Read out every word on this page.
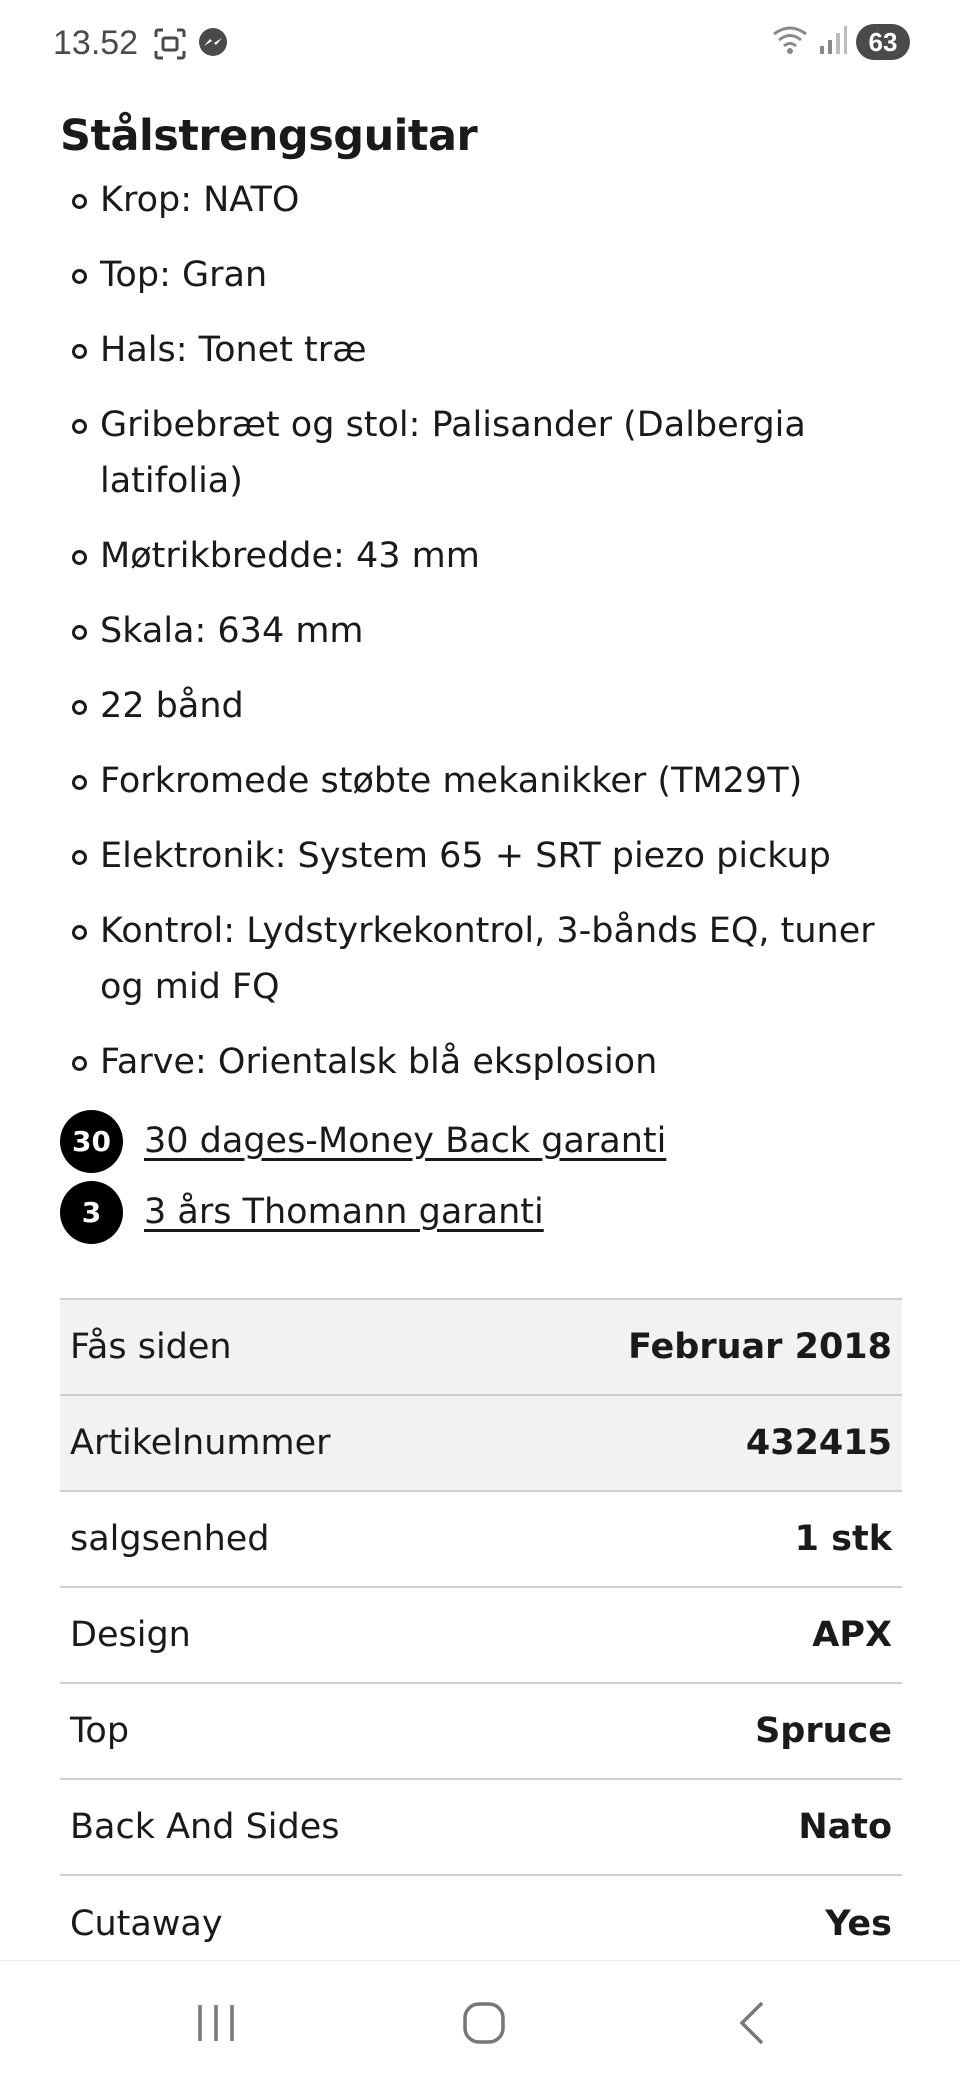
13.52	63
Stålstrengsguitar
Krop: NATO
Top: Gran
Hals: Tonet træ
Gribebræt og stol: Palisander (Dalbergia latifolia)
Møtrikbredde: 43 mm
Skala: 634 mm
22 bånd
Forkromede støbte mekanikker (TM29T)
Elektronik: System 65 + SRT piezo pickup
Kontrol: Lydstyrkekontrol, 3-bånds EQ, tuner og mid FQ
Farve: Orientalsk blå eksplosion
30 30 dages-Money Back garanti
3	3 års Thomann garanti
Fås siden	Februar 2018
Artikelnummer	432415
salgsenhed	1 stk
Design	APX
Top	Spruce
Back And Sides	Nato
Cutaway	Yes
